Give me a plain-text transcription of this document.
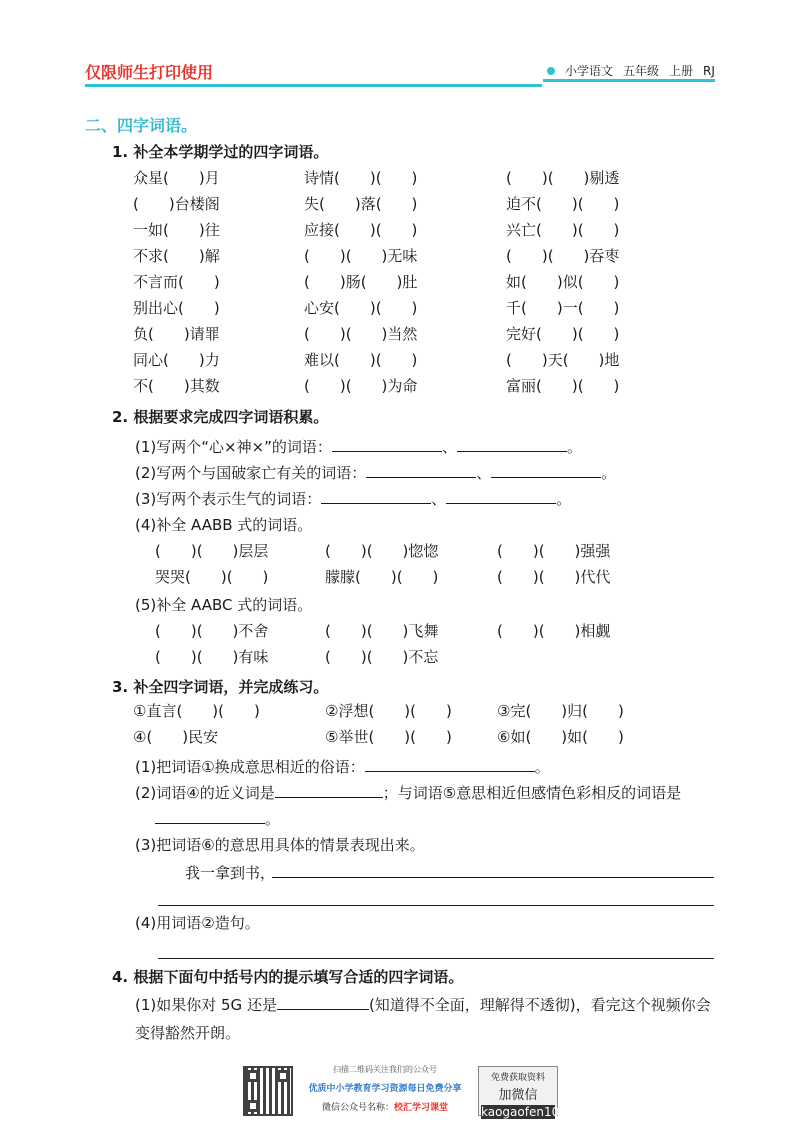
仅限师生打印使用	小学语文 五年级 上册 RJ
二、四字词语。
1. 补全本学期学过的四字词语。
众星(　　)月	诗情(　　)(　　)	(　　)(　　)剔透
(　　)台楼阁	失(　　)落(　　)	迫不(　　)(　　)
一如(　　)往	应接(　　)(　　)	兴亡(　　)(　　)
不求(　　)解	(　　)(　　)无味	(　　)(　　)吞枣
不言而(　　)	(　　)肠(　　)肚	如(　　)似(　　)
别出心(　　)	心安(　　)(　　)	千(　　)一(　　)
负(　　)请罪	(　　)(　　)当然	完好(　　)(　　)
同心(　　)力	难以(　　)(　　)	(　　)天(　　)地
不(　　)其数	(　　)(　　)为命	富丽(　　)(　　)
2. 根据要求完成四字词语积累。
(1)写两个“心×神×”的词语：	、	。
(2)写两个与国破家亡有关的词语：	、	。
(3)写两个表示生气的词语：	、	。
(4)补全 AABB 式的词语。
(　　)(　　)层层	(　　)(　　)惚惚	(　　)(　　)强强
哭哭(　　)(　　)	朦朦(　　)(　　)	(　　)(　　)代代
(5)补全 AABC 式的词语。
(　　)(　　)不舍	(　　)(　　)飞舞	(　　)(　　)相觑
(　　)(　　)有味	(　　)(　　)不忘
3. 补全四字词语，并完成练习。
①直言(　　)(　　)	②浮想(　　)(　　)	③完(　　)归(　　)
④(　　)民安	⑤举世(　　)(　　)	⑥如(　　)如(　　)
(1)把词语①换成意思相近的俗语：	。
(2)词语④的近义词是	；与词语⑤意思相近但感情色彩相反的词语是
。
(3)把词语⑥的意思用具体的情景表现出来。
我一拿到书，
(4)用词语②造句。
4. 根据下面句中括号内的提示填写合适的四字词语。
(1)如果你对 5G 还是	(知道得不全面，理解得不透彻)，看完这个视频你会
变得豁然开朗。
扫描二维码关注我们的公众号
优质中小学教育学习资源每日免费分享
微信公众号名称：校汇学习课堂
免费获取资料
加微信
kaogaofen100
